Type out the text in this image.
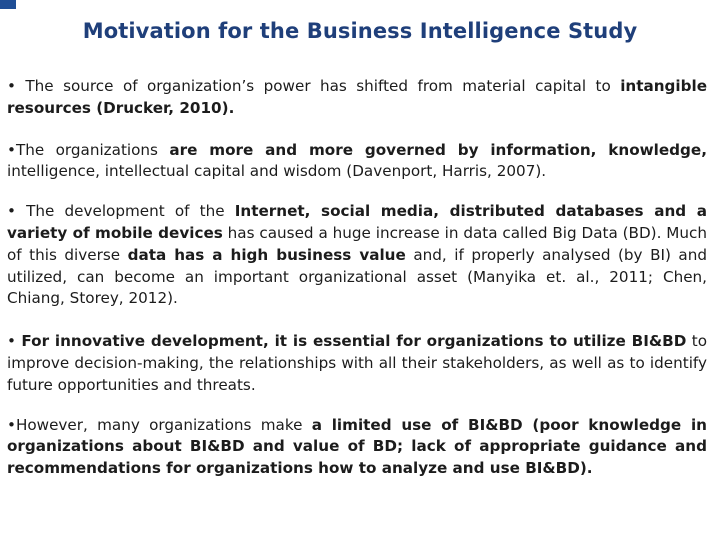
Motivation for the Business Intelligence Study

• The source of organization’s power has shifted from material capital to intangible resources (Drucker, 2010).

•The organizations are more and more governed by information, knowledge, intelligence, intellectual capital and wisdom (Davenport, Harris, 2007).

• The development of the Internet, social media, distributed databases and a variety of mobile devices has caused a huge increase in data called Big Data (BD). Much of this diverse data has a high business value and, if properly analysed (by BI) and utilized, can become an important organizational asset (Manyika et. al., 2011; Chen, Chiang, Storey, 2012).

• For innovative development, it is essential for organizations to utilize BI&BD to improve decision-making, the relationships with all their stakeholders, as well as to identify future opportunities and threats.

•However, many organizations make a limited use of BI&BD (poor knowledge in organizations about BI&BD and value of BD; lack of appropriate guidance and recommendations for organizations how to analyze and use BI&BD).
